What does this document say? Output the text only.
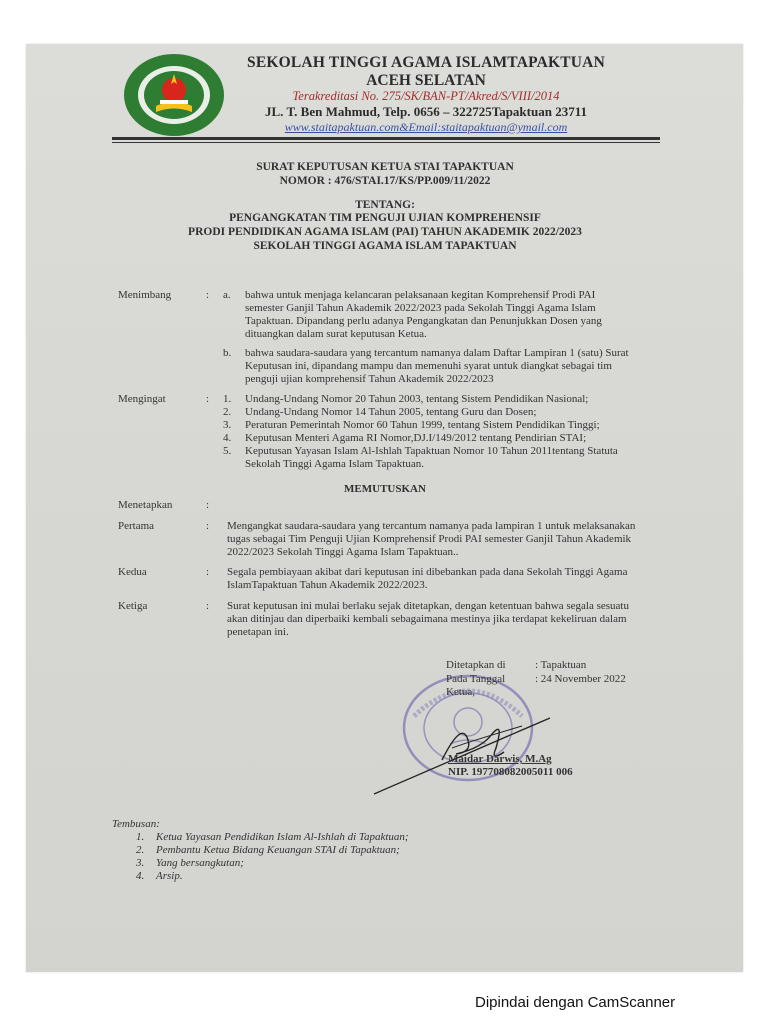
SEKOLAH TINGGI AGAMA ISLAMTAPAKTUAN
ACEH SELATAN
Terakreditasi No. 275/SK/BAN-PT/Akred/S/VIII/2014
JL. T. Ben Mahmud, Telp. 0656 – 322725Tapaktuan 23711
www.staitapaktuan.com&Email:staitapaktuan@ymail.com
SURAT KEPUTUSAN KETUA STAI TAPAKTUAN
NOMOR : 476/STAI.17/KS/PP.009/11/2022
TENTANG:
PENGANGKATAN TIM PENGUJI UJIAN KOMPREHENSIF
PRODI PENDIDIKAN AGAMA ISLAM (PAI) TAHUN AKADEMIK 2022/2023
SEKOLAH TINGGI AGAMA ISLAM TAPAKTUAN
Menimbang	: a. bahwa untuk menjaga kelancaran pelaksanaan kegitan Komprehensif Prodi PAI
semester Ganjil Tahun Akademik 2022/2023 pada Sekolah Tinggi Agama Islam
Tapaktuan. Dipandang perlu adanya Pengangkatan dan Penunjukkan Dosen yang
dituangkan dalam surat keputusan Ketua.
b. bahwa saudara-saudara yang tercantum namanya dalam Daftar Lampiran 1 (satu) Surat
Keputusan ini, dipandang mampu dan memenuhi syarat untuk diangkat sebagai tim
penguji ujian komprehensif Tahun Akademik 2022/2023
Mengingat	: 1. Undang-Undang Nomor 20 Tahun 2003, tentang Sistem Pendidikan Nasional;
2. Undang-Undang Nomor 14 Tahun 2005, tentang Guru dan Dosen;
3. Peraturan Pemerintah Nomor 60 Tahun 1999, tentang Sistem Pendidikan Tinggi;
4. Keputusan Menteri Agama RI Nomor,DJ.I/149/2012 tentang Pendirian STAI;
5. Keputusan Yayasan Islam Al-Ishlah Tapaktuan Nomor 10 Tahun 2011tentang Statuta
Sekolah Tinggi Agama Islam Tapaktuan.
MEMUTUSKAN
Menetapkan	:
Pertama	: Mengangkat saudara-saudara yang tercantum namanya pada lampiran 1 untuk melaksanakan
tugas sebagai Tim Penguji Ujian Komprehensif Prodi PAI semester Ganjil Tahun Akademik
2022/2023 Sekolah Tinggi Agama Islam Tapaktuan..
Kedua	: Segala pembiayaan akibat dari keputusan ini dibebankan pada dana Sekolah Tinggi Agama
IslamTapaktuan Tahun Akademik 2022/2023.
Ketiga	: Surat keputusan ini mulai berlaku sejak ditetapkan, dengan ketentuan bahwa segala sesuatu
akan ditinjau dan diperbaiki kembali sebagaimana mestinya jika terdapat kekeliruan dalam
penetapan ini.
Ditetapkan di	: Tapaktuan
Pada Tanggal	: 24 November 2022
Ketua,
Maidar Darwis, M.Ag
NIP. 197708082005011 006
Tembusan:
1. Ketua Yayasan Pendidikan Islam Al-Ishlah di Tapaktuan;
2. Pembantu Ketua Bidang Keuangan STAI di Tapaktuan;
3. Yang bersangkutan;
4. Arsip.
Dipindai dengan CamScanner
